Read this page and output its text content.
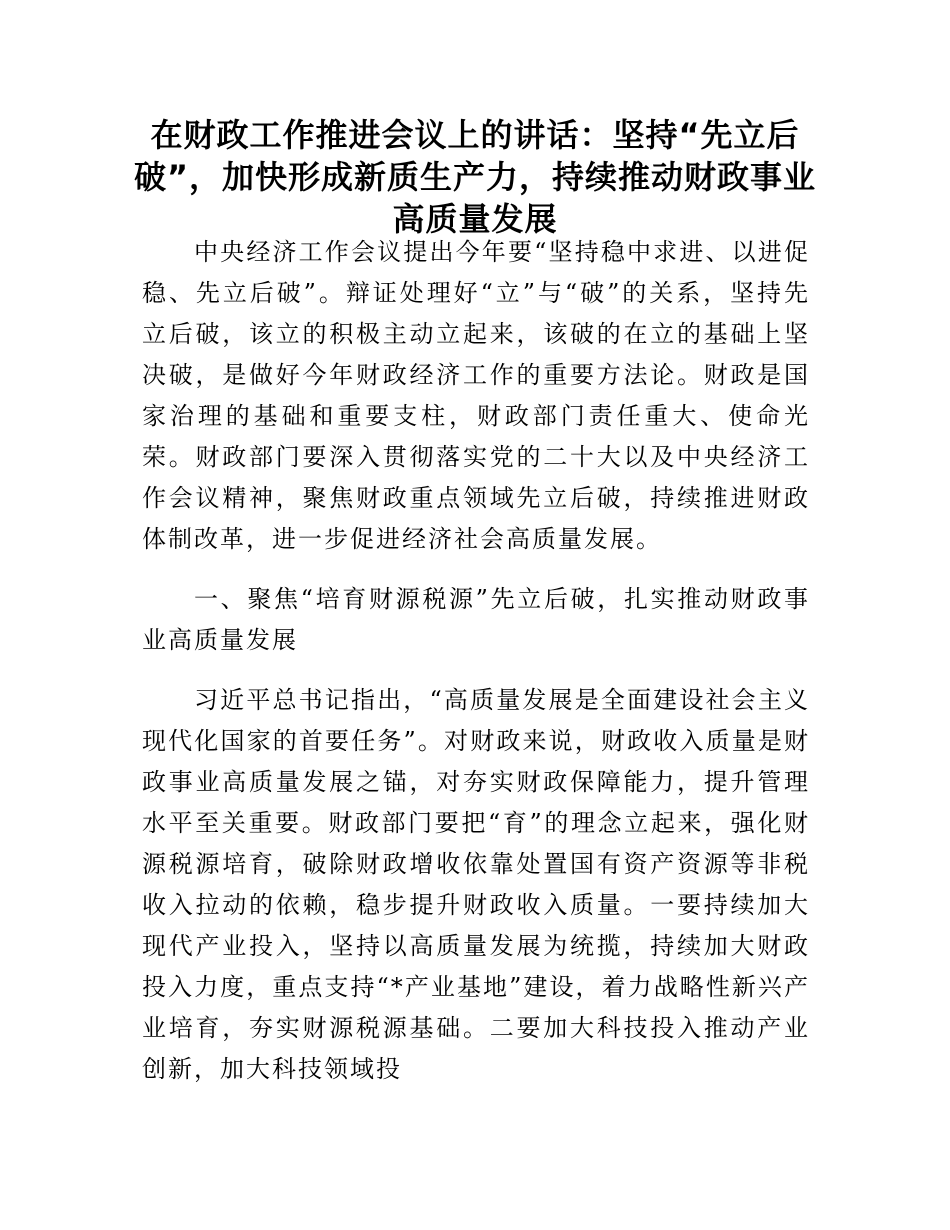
在财政工作推进会议上的讲话：坚持“先立后破”，加快形成新质生产力，持续推动财政事业高质量发展

中央经济工作会议提出今年要“坚持稳中求进、以进促稳、先立后破”。辩证处理好“立”与“破”的关系，坚持先立后破，该立的积极主动立起来，该破的在立的基础上坚决破，是做好今年财政经济工作的重要方法论。财政是国家治理的基础和重要支柱，财政部门责任重大、使命光荣。财政部门要深入贯彻落实党的二十大以及中央经济工作会议精神，聚焦财政重点领域先立后破，持续推进财政体制改革，进一步促进经济社会高质量发展。

一、聚焦“培育财源税源”先立后破，扎实推动财政事业高质量发展

习近平总书记指出，“高质量发展是全面建设社会主义现代化国家的首要任务”。对财政来说，财政收入质量是财政事业高质量发展之锚，对夯实财政保障能力，提升管理水平至关重要。财政部门要把“育”的理念立起来，强化财源税源培育，破除财政增收依靠处置国有资产资源等非税收入拉动的依赖，稳步提升财政收入质量。一要持续加大现代产业投入，坚持以高质量发展为统揽，持续加大财政投入力度，重点支持“*产业基地”建设，着力战略性新兴产业培育，夯实财源税源基础。二要加大科技投入推动产业创新，加大科技领域投
